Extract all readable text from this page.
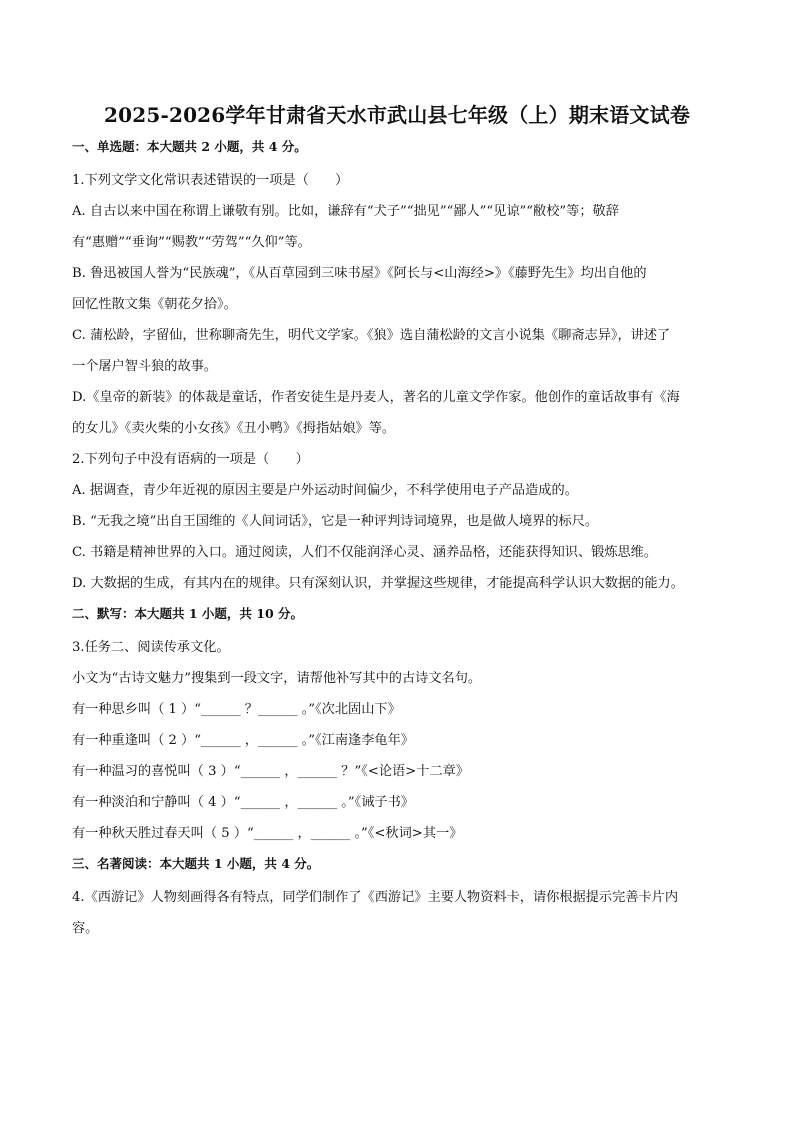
2025-2026学年甘肃省天水市武山县七年级（上）期末语文试卷
一、单选题：本大题共 2 小题，共 4 分。
1.下列文学文化常识表述错误的一项是（　　）
A. 自古以来中国在称谓上谦敬有别。比如，谦辞有“犬子”“拙见”“鄙人”“见谅”“敝校”等；敬辞
有“惠赠”“垂询”“赐教”“劳驾”“久仰”等。
B. 鲁迅被国人誉为“民族魂”，《从百草园到三味书屋》《阿长与<山海经>》《藤野先生》均出自他的
回忆性散文集《朝花夕拾》。
C. 蒲松龄，字留仙，世称聊斋先生，明代文学家。《狼》选自蒲松龄的文言小说集《聊斋志异》，讲述了
一个屠户智斗狼的故事。
D.《皇帝的新装》的体裁是童话，作者安徒生是丹麦人，著名的儿童文学作家。他创作的童话故事有《海
的女儿》《卖火柴的小女孩》《丑小鸭》《拇指姑娘》等。
2.下列句子中没有语病的一项是（　　）
A. 据调查，青少年近视的原因主要是户外运动时间偏少，不科学使用电子产品造成的。
B. “无我之境”出自王国维的《人间词话》，它是一种评判诗词境界，也是做人境界的标尺。
C. 书籍是精神世界的入口。通过阅读，人们不仅能润泽心灵、涵养品格，还能获得知识、锻炼思维。
D. 大数据的生成，有其内在的规律。只有深刻认识，并掌握这些规律，才能提高科学认识大数据的能力。
二、默写：本大题共 1 小题，共 10 分。
3.任务二、阅读传承文化。
小文为“古诗文魅力”搜集到一段文字，请帮他补写其中的古诗文名句。
有一种思乡叫（ 1 ）“______ ？______ 。”《次北固山下》
有一种重逢叫（ 2 ）“______ ，______ 。”《江南逢李龟年》
有一种温习的喜悦叫（ 3 ）“______ ，______ ？”《<论语>十二章》
有一种淡泊和宁静叫（ 4 ）“______ ，______ 。”《诫子书》
有一种秋天胜过春天叫（ 5 ）“______ ，______ 。”《<秋词>其一》
三、名著阅读：本大题共 1 小题，共 4 分。
4.《西游记》人物刻画得各有特点，同学们制作了《西游记》主要人物资料卡，请你根据提示完善卡片内
容。
